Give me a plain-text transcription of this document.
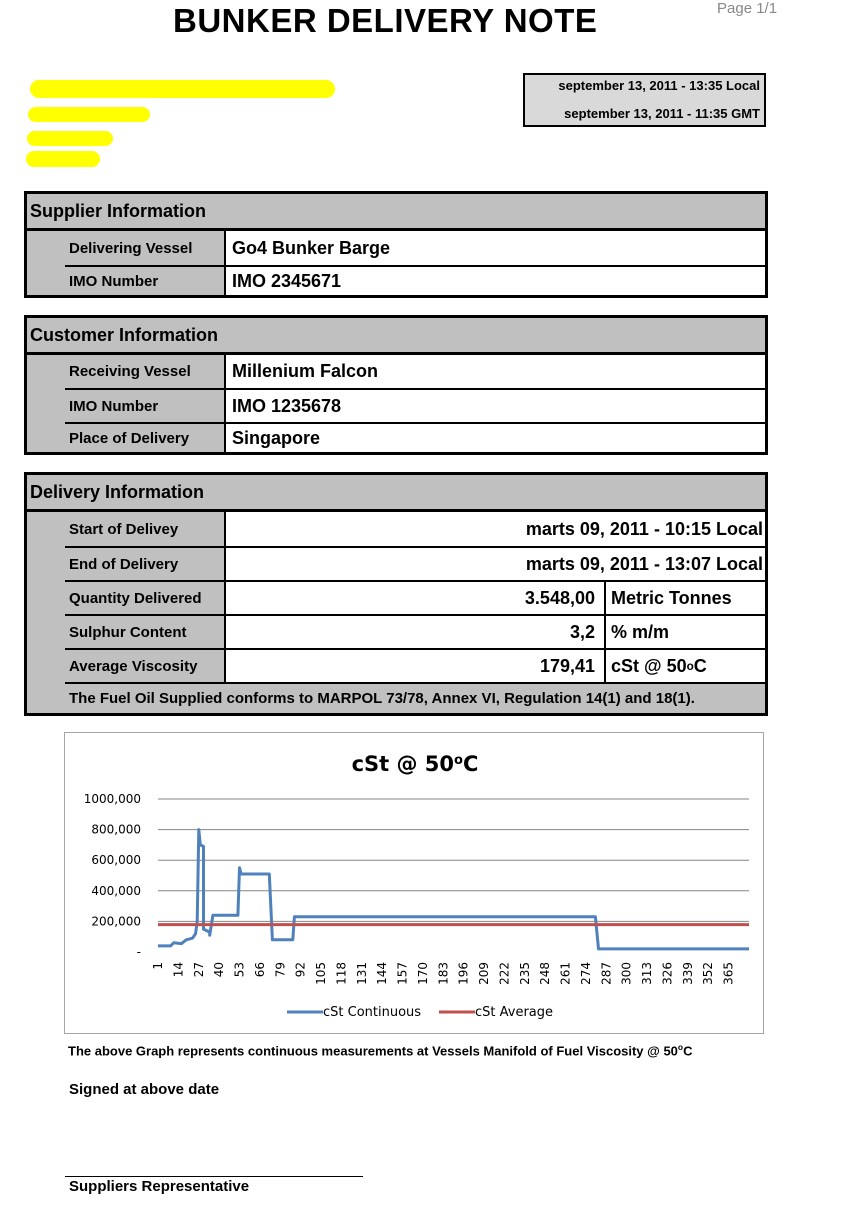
BUNKER DELIVERY NOTE	Page 1/1
september 13, 2011 - 13:35 Local
september 13, 2011 - 11:35 GMT
Supplier Information
Delivering Vessel	Go4 Bunker Barge
IMO Number	IMO 2345671
Customer Information
Receiving Vessel	Millenium Falcon
IMO Number	IMO 1235678
Place of Delivery	Singapore
Delivery Information
Start of Delivey	marts 09, 2011 - 10:15 Local
End of Delivery	marts 09, 2011 - 13:07 Local
Quantity Delivered	3.548,00 Metric Tonnes
Sulphur Content	3,2 % m/m
Average Viscosity	179,41 cSt @ 50 o C
The Fuel Oil Supplied conforms to MARPOL 73/78, Annex VI, Regulation 14(1) and 18(1).
cSt @ 50$^o$C
-
200,000
400,000
600,000
800,000
1000,000
1 14 27 40 53 66 79 92 105 118 131 144 157 170 183 196 209 222 235 248 261 274 287 300 313 326 339 352 365
cSt Continuous	cSt Average
The above Graph represents continuous measurements at Vessels Manifold of Fuel Viscosity @ 50$^o$C
Signed at above date
Suppliers Representative
